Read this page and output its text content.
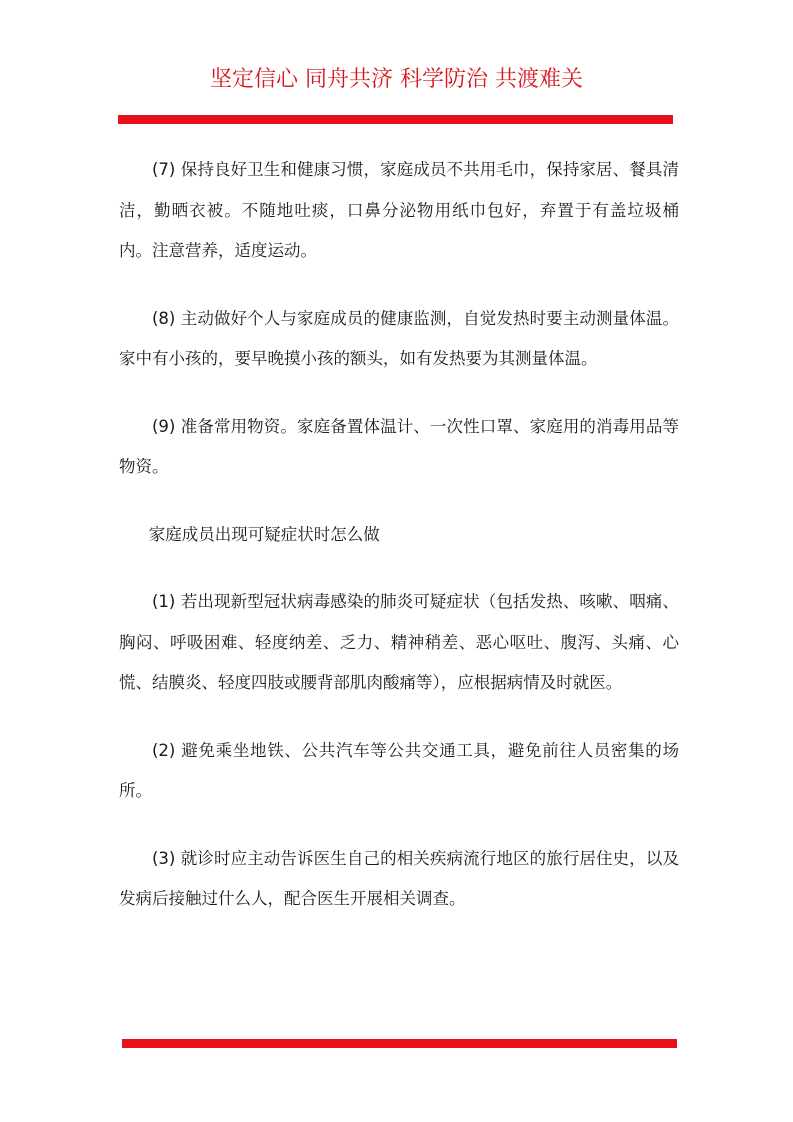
坚定信心 同舟共济 科学防治 共渡难关

(7) 保持良好卫生和健康习惯，家庭成员不共用毛巾，保持家居、餐具清洁，勤晒衣被。不随地吐痰，口鼻分泌物用纸巾包好，弃置于有盖垃圾桶内。注意营养，适度运动。

(8) 主动做好个人与家庭成员的健康监测，自觉发热时要主动测量体温。家中有小孩的，要早晚摸小孩的额头，如有发热要为其测量体温。

(9) 准备常用物资。家庭备置体温计、一次性口罩、家庭用的消毒用品等物资。

家庭成员出现可疑症状时怎么做

(1) 若出现新型冠状病毒感染的肺炎可疑症状（包括发热、咳嗽、咽痛、胸闷、呼吸困难、轻度纳差、乏力、精神稍差、恶心呕吐、腹泻、头痛、心慌、结膜炎、轻度四肢或腰背部肌肉酸痛等），应根据病情及时就医。

(2) 避免乘坐地铁、公共汽车等公共交通工具，避免前往人员密集的场所。

(3) 就诊时应主动告诉医生自己的相关疾病流行地区的旅行居住史，以及发病后接触过什么人，配合医生开展相关调查。
